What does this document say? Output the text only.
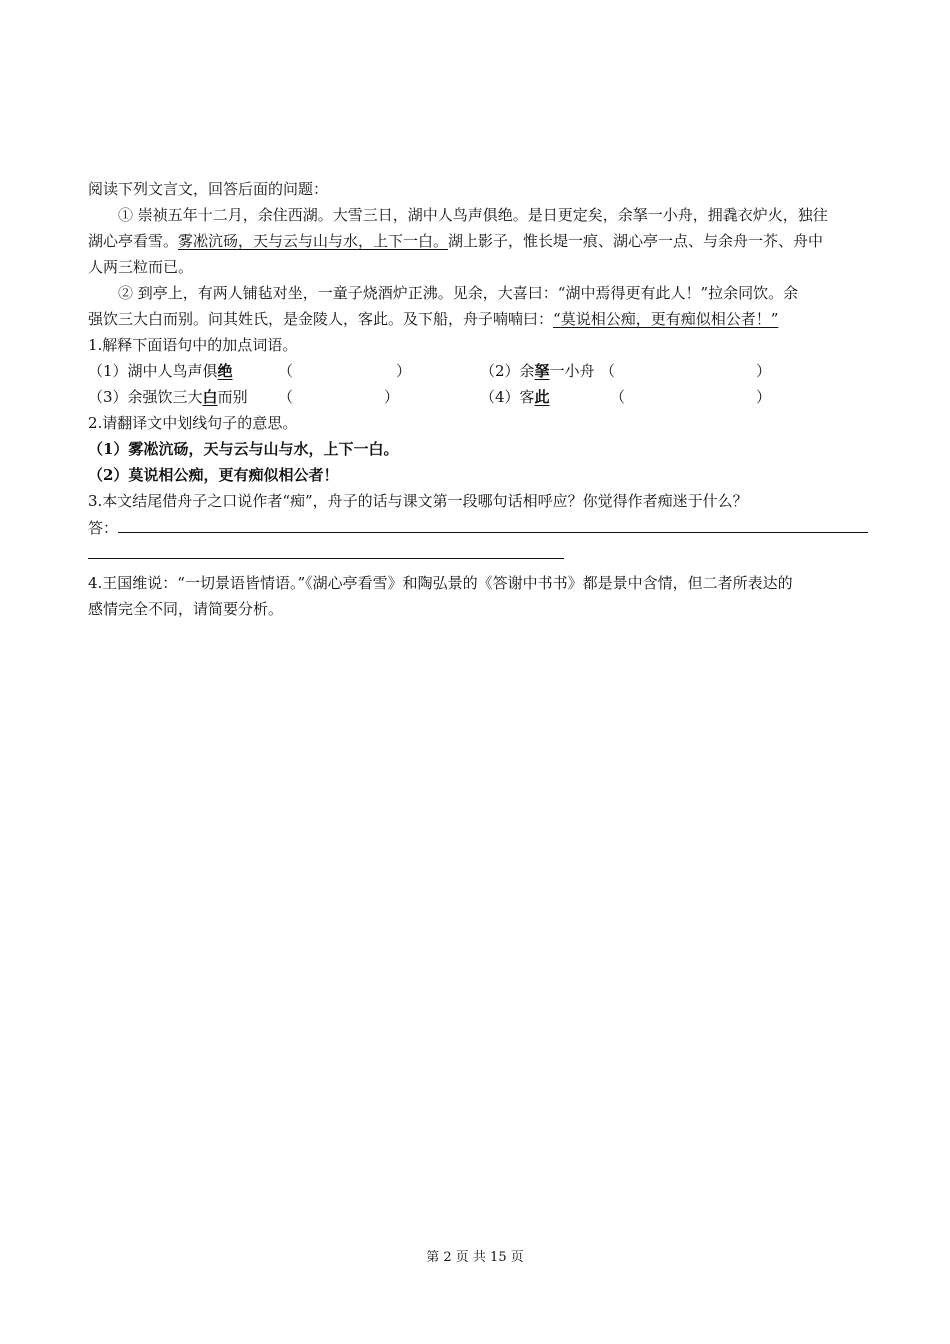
阅读下列文言文，回答后面的问题：
① 崇祯五年十二月，余住西湖。大雪三日，湖中人鸟声俱绝。是日更定矣，余拏一小舟，拥毳衣炉火，独往
湖心亭看雪。雾凇沆砀，天与云与山与水，上下一白。湖上影子，惟长堤一痕、湖心亭一点、与余舟一芥、舟中
人两三粒而已。
② 到亭上，有两人铺毡对坐，一童子烧酒炉正沸。见余，大喜曰：“湖中焉得更有此人！”拉余同饮。余
强饮三大白而别。问其姓氏，是金陵人，客此。及下船，舟子喃喃曰：“莫说相公痴，更有痴似相公者！”
1.解释下面语句中的加点词语。
（1）湖中人鸟声俱绝	（	）	（2）余拏一小舟 （	）
（3）余强饮三大白而别 （	）	（4）客此	（	）
2.请翻译文中划线句子的意思。
（1）雾凇沆砀，天与云与山与水，上下一白。
（2）莫说相公痴，更有痴似相公者！
3.本文结尾借舟子之口说作者“痴”，舟子的话与课文第一段哪句话相呼应？你觉得作者痴迷于什么？
答：
4.王国维说：“一切景语皆情语。”《湖心亭看雪》和陶弘景的《答谢中书书》都是景中含情，但二者所表达的
感情完全不同，请简要分析。
第 2 页 共 15 页
